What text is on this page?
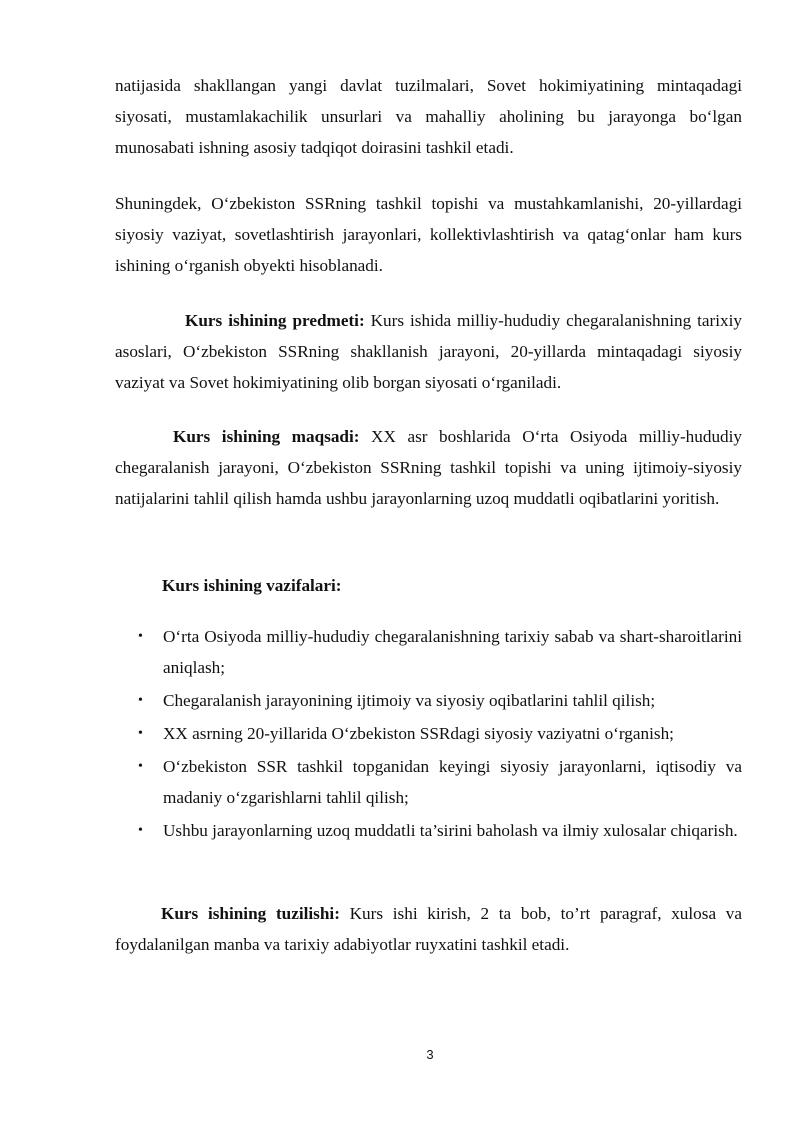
natijasida shakllangan yangi davlat tuzilmalari, Sovet hokimiyatining mintaqadagi siyosati, mustamlakachilik unsurlari va mahalliy aholining bu jarayonga boʻlgan munosabati ishning asosiy tadqiqot doirasini tashkil etadi.

Shuningdek, Oʻzbekiston SSRning tashkil topishi va mustahkamlanishi, 20-yillardagi siyosiy vaziyat, sovetlashtirish jarayonlari, kollektivlashtirish va qatagʻonlar ham kurs ishining oʻrganish obyekti hisoblanadi.

Kurs ishining predmeti: Kurs ishida milliy-hududiy chegaralanishning tarixiy asoslari, Oʻzbekiston SSRning shakllanish jarayoni, 20-yillarda mintaqadagi siyosiy vaziyat va Sovet hokimiyatining olib borgan siyosati oʻrganiladi.

Kurs ishining maqsadi: XX asr boshlarida Oʻrta Osiyoda milliy-hududiy chegaralanish jarayoni, Oʻzbekiston SSRning tashkil topishi va uning ijtimoiy-siyosiy natijalarini tahlil qilish hamda ushbu jarayonlarning uzoq muddatli oqibatlarini yoritish.

Kurs ishining vazifalari:
• Oʻrta Osiyoda milliy-hududiy chegaralanishning tarixiy sabab va shart-sharoitlarini aniqlash;
• Chegaralanish jarayonining ijtimoiy va siyosiy oqibatlarini tahlil qilish;
• XX asrning 20-yillarida Oʻzbekiston SSRdagi siyosiy vaziyatni oʻrganish;
• Oʻzbekiston SSR tashkil topganidan keyingi siyosiy jarayonlarni, iqtisodiy va madaniy oʻzgarishlarni tahlil qilish;
• Ushbu jarayonlarning uzoq muddatli ta’sirini baholash va ilmiy xulosalar chiqarish.

Kurs ishining tuzilishi: Kurs ishi kirish, 2 ta bob, to’rt paragraf, xulosa va foydalanilgan manba va tarixiy adabiyotlar ruyxatini tashkil etadi.

3
